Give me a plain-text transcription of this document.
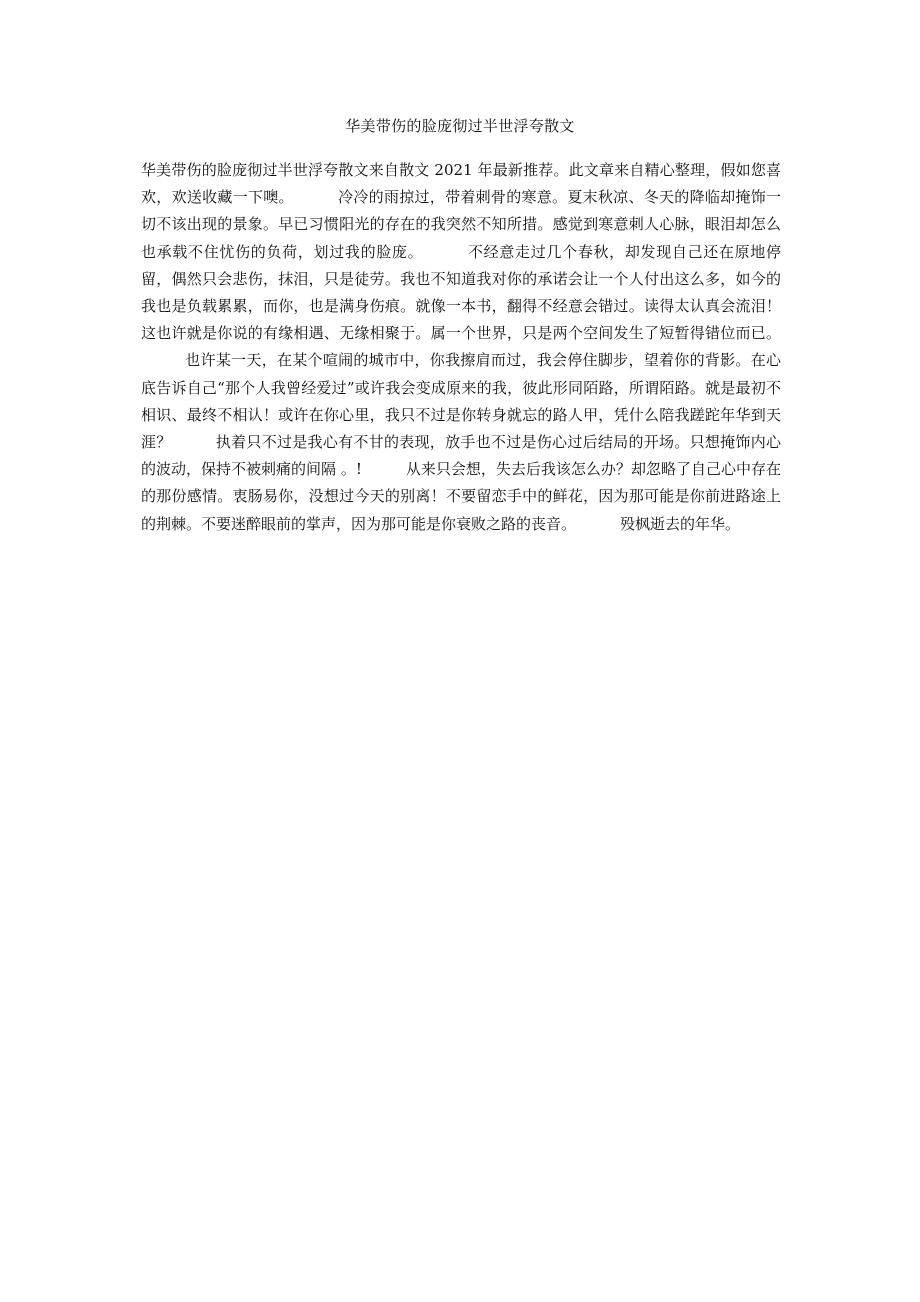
华美带伤的脸庞彻过半世浮夸散文

华美带伤的脸庞彻过半世浮夸散文来自散文 2021 年最新推荐。此文章来自精心整理，假如您喜欢，欢送收藏一下噢。	冷冷的雨掠过，带着刺骨的寒意。夏末秋凉、冬天的降临却掩饰一切不该出现的景象。早已习惯阳光的存在的我突然不知所措。感觉到寒意刺人心脉，眼泪却怎么也承载不住忧伤的负荷，划过我的脸庞。	不经意走过几个春秋，却发现自己还在原地停留，偶然只会悲伤，抹泪，只是徒劳。我也不知道我对你的承诺会让一个人付出这么多，如今的我也是负载累累，而你，也是满身伤痕。就像一本书，翻得不经意会错过。读得太认真会流泪！这也许就是你说的有缘相遇、无缘相聚于。属一个世界，只是两个空间发生了短暂得错位而已。也许某一天，在某个喧闹的城市中，你我擦肩而过，我会停住脚步，望着你的背影。在心底告诉自己“那个人我曾经爱过”或许我会变成原来的我，彼此形同陌路，所谓陌路。就是最初不相识、最终不相认！或许在你心里，我只不过是你转身就忘的路人甲，凭什么陪我蹉跎年华到天涯？	执着只不过是我心有不甘的表现，放手也不过是伤心过后结局的开场。只想掩饰内心的波动，保持不被刺痛的间隔 。!	从来只会想，失去后我该怎么办？却忽略了自己心中存在的那份感情。衷肠易你，没想过今天的别离！不要留恋手中的鲜花，因为那可能是你前进路途上的荆棘。不要迷醉眼前的掌声，因为那可能是你衰败之路的丧音。	殁枫逝去的年华。
